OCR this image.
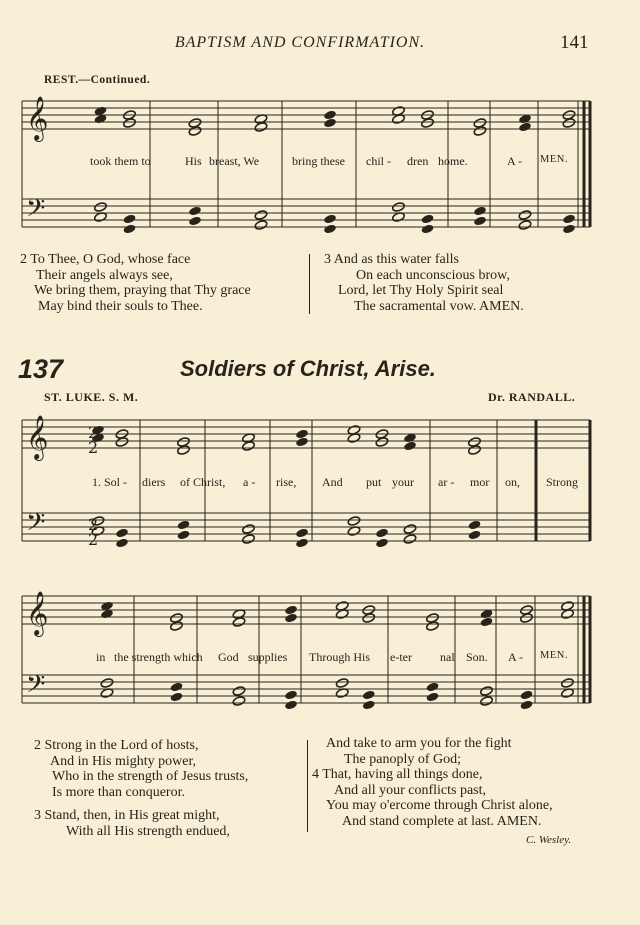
BAPTISM AND CONFIRMATION.	141
REST.—Continued.
𝄞
𝄢
𝄞
𝄢
𝄞
𝄢
2
2
2
2
took them to	His breast, We	bring these chil - dren home.	A - MEN.
2 To Thee, O God, whose face
Their angels always see,
We bring them, praying that Thy grace
May bind their souls to Thee.
3 And as this water falls
On each unconscious brow,
Lord, let Thy Holy Spirit seal
The sacramental vow. AMEN.
137	Soldiers of Christ, Arise.
ST. LUKE. S. M.	Dr. RANDALL.
1. Sol - diers of Christ, a - rise, And put your ar - mor on, Strong
in the strength which God supplies Through His e-ter nal Son. A - MEN.
2 Strong in the Lord of hosts,
And in His mighty power,
Who in the strength of Jesus trusts,
Is more than conqueror.
3 Stand, then, in His great might,
With all His strength endued,
And take to arm you for the fight
The panoply of God;
4 That, having all things done,
And all your conflicts past,
You may o'ercome through Christ alone,
And stand complete at last. AMEN.
C. Wesley.
